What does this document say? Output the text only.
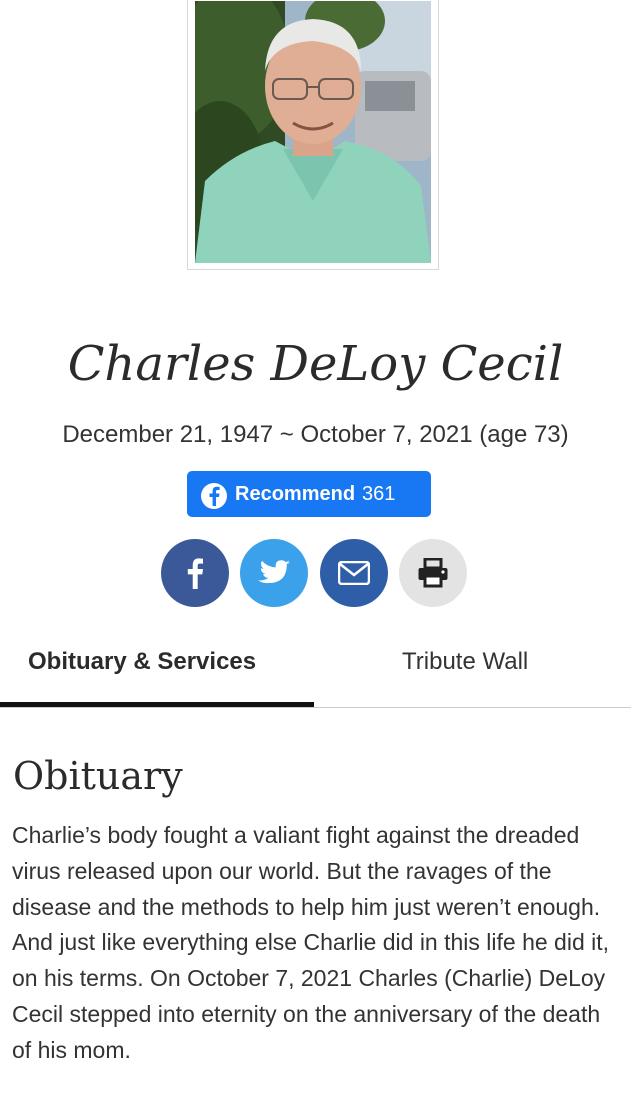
Charles DeLoy Cecil
December 21, 1947 ~ October 7, 2021 (age 73)
Recommend 361
Obituary & Services	Tribute Wall
Obituary
Charlie’s body fought a valiant fight against the dreaded virus released upon our world. But the ravages of the disease and the methods to help him just weren’t enough. And just like everything else Charlie did in this life he did it, on his terms. On October 7, 2021 Charles (Charlie) DeLoy Cecil stepped into eternity on the anniversary of the death of his mom.
